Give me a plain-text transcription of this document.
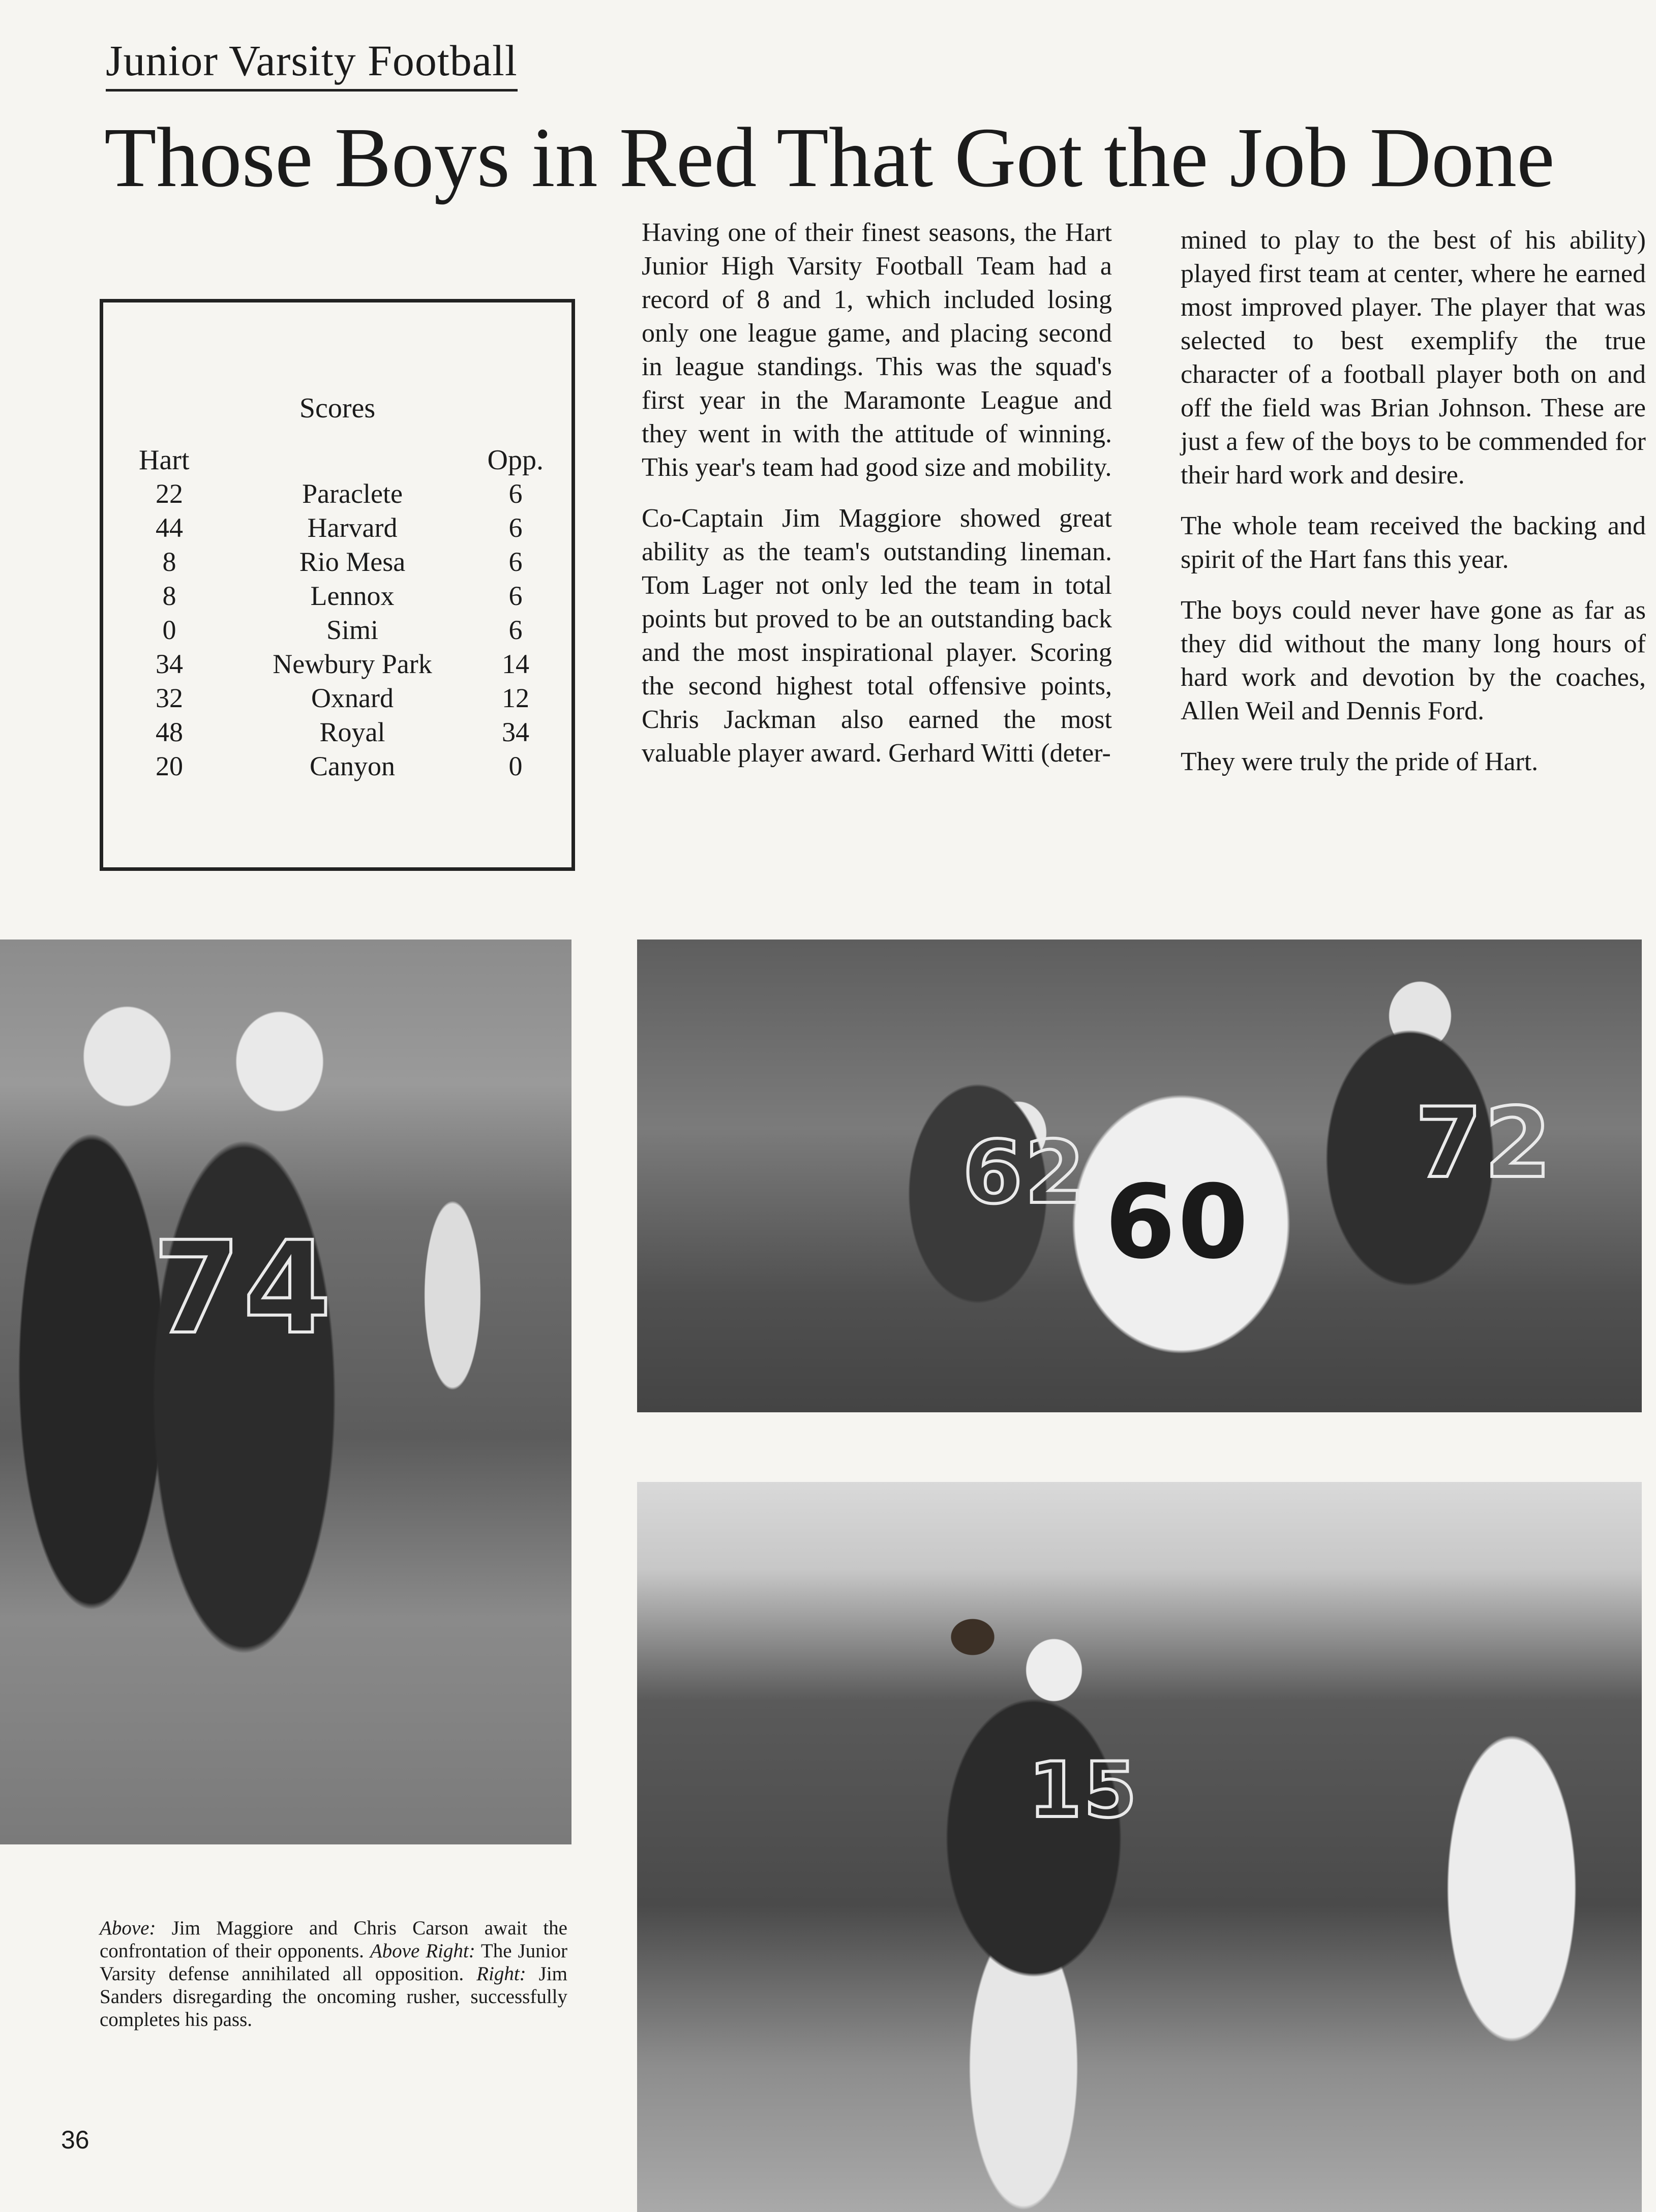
Junior Varsity Football
Those Boys in Red That Got the Job Done
Scores
Hart	Opp.
22	Paraclete	6
44	Harvard	6
8	Rio Mesa	6
8	Lennox	6
0	Simi	6
34	Newbury Park	14
32	Oxnard	12
48	Royal	34
20	Canyon	0

Having one of their finest seasons, the Hart Junior High Varsity Football Team had a record of 8 and 1, which included losing only one league game, and placing second in league standings. This was the squad's first year in the Maramonte League and they went in with the attitude of winning. This year's team had good size and mobility.

Co-Captain Jim Maggiore showed great ability as the team's outstanding lineman. Tom Lager not only led the team in total points but proved to be an outstanding back and the most inspirational player. Scoring the second highest total offensive points, Chris Jackman also earned the most valuable player award. Gerhard Witti (deter-

mined to play to the best of his ability) played first team at center, where he earned most improved player. The player that was selected to best exemplify the true character of a football player both on and off the field was Brian Johnson. These are just a few of the boys to be commended for their hard work and desire.

The whole team received the backing and spirit of the Hart fans this year.

The boys could never have gone as far as they did without the many long hours of hard work and devotion by the coaches, Allen Weil and Dennis Ford.

They were truly the pride of Hart.

74
72
60
62
15
Above: Jim Maggiore and Chris Carson await the confrontation of their opponents. Above Right: The Junior Varsity defense annihilated all opposition. Right: Jim Sanders disregarding the oncoming rusher, successfully completes his pass.
36
